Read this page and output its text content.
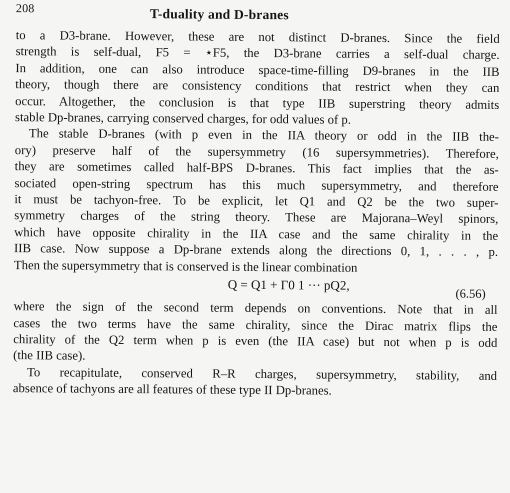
208	T-duality and D-branes
to a D3-brane. However, these are not distinct D-branes. Since the field
strength is self-dual, F5 = ⋆F5, the D3-brane carries a self-dual charge.
In addition, one can also introduce space-time-filling D9-branes in the IIB
theory, though there are consistency conditions that restrict when they can
occur. Altogether, the conclusion is that type IIB superstring theory admits
stable Dp-branes, carrying conserved charges, for odd values of p.
The stable D-branes (with p even in the IIA theory or odd in the IIB the-
ory) preserve half of the supersymmetry (16 supersymmetries). Therefore,
they are sometimes called half-BPS D-branes. This fact implies that the as-
sociated open-string spectrum has this much supersymmetry, and therefore
it must be tachyon-free. To be explicit, let Q1 and Q2 be the two super-
symmetry charges of the string theory. These are Majorana–Weyl spinors,
which have opposite chirality in the IIA case and the same chirality in the
IIB case. Now suppose a Dp-brane extends along the directions 0, 1, . . . , p.
Then the supersymmetry that is conserved is the linear combination
Q = Q1 + Γ0 1 ··· pQ2,
(6.56)
where the sign of the second term depends on conventions. Note that in all
cases the two terms have the same chirality, since the Dirac matrix flips the
chirality of the Q2 term when p is even (the IIA case) but not when p is odd
(the IIB case).
To recapitulate, conserved R–R charges, supersymmetry, stability, and
absence of tachyons are all features of these type II Dp-branes.
